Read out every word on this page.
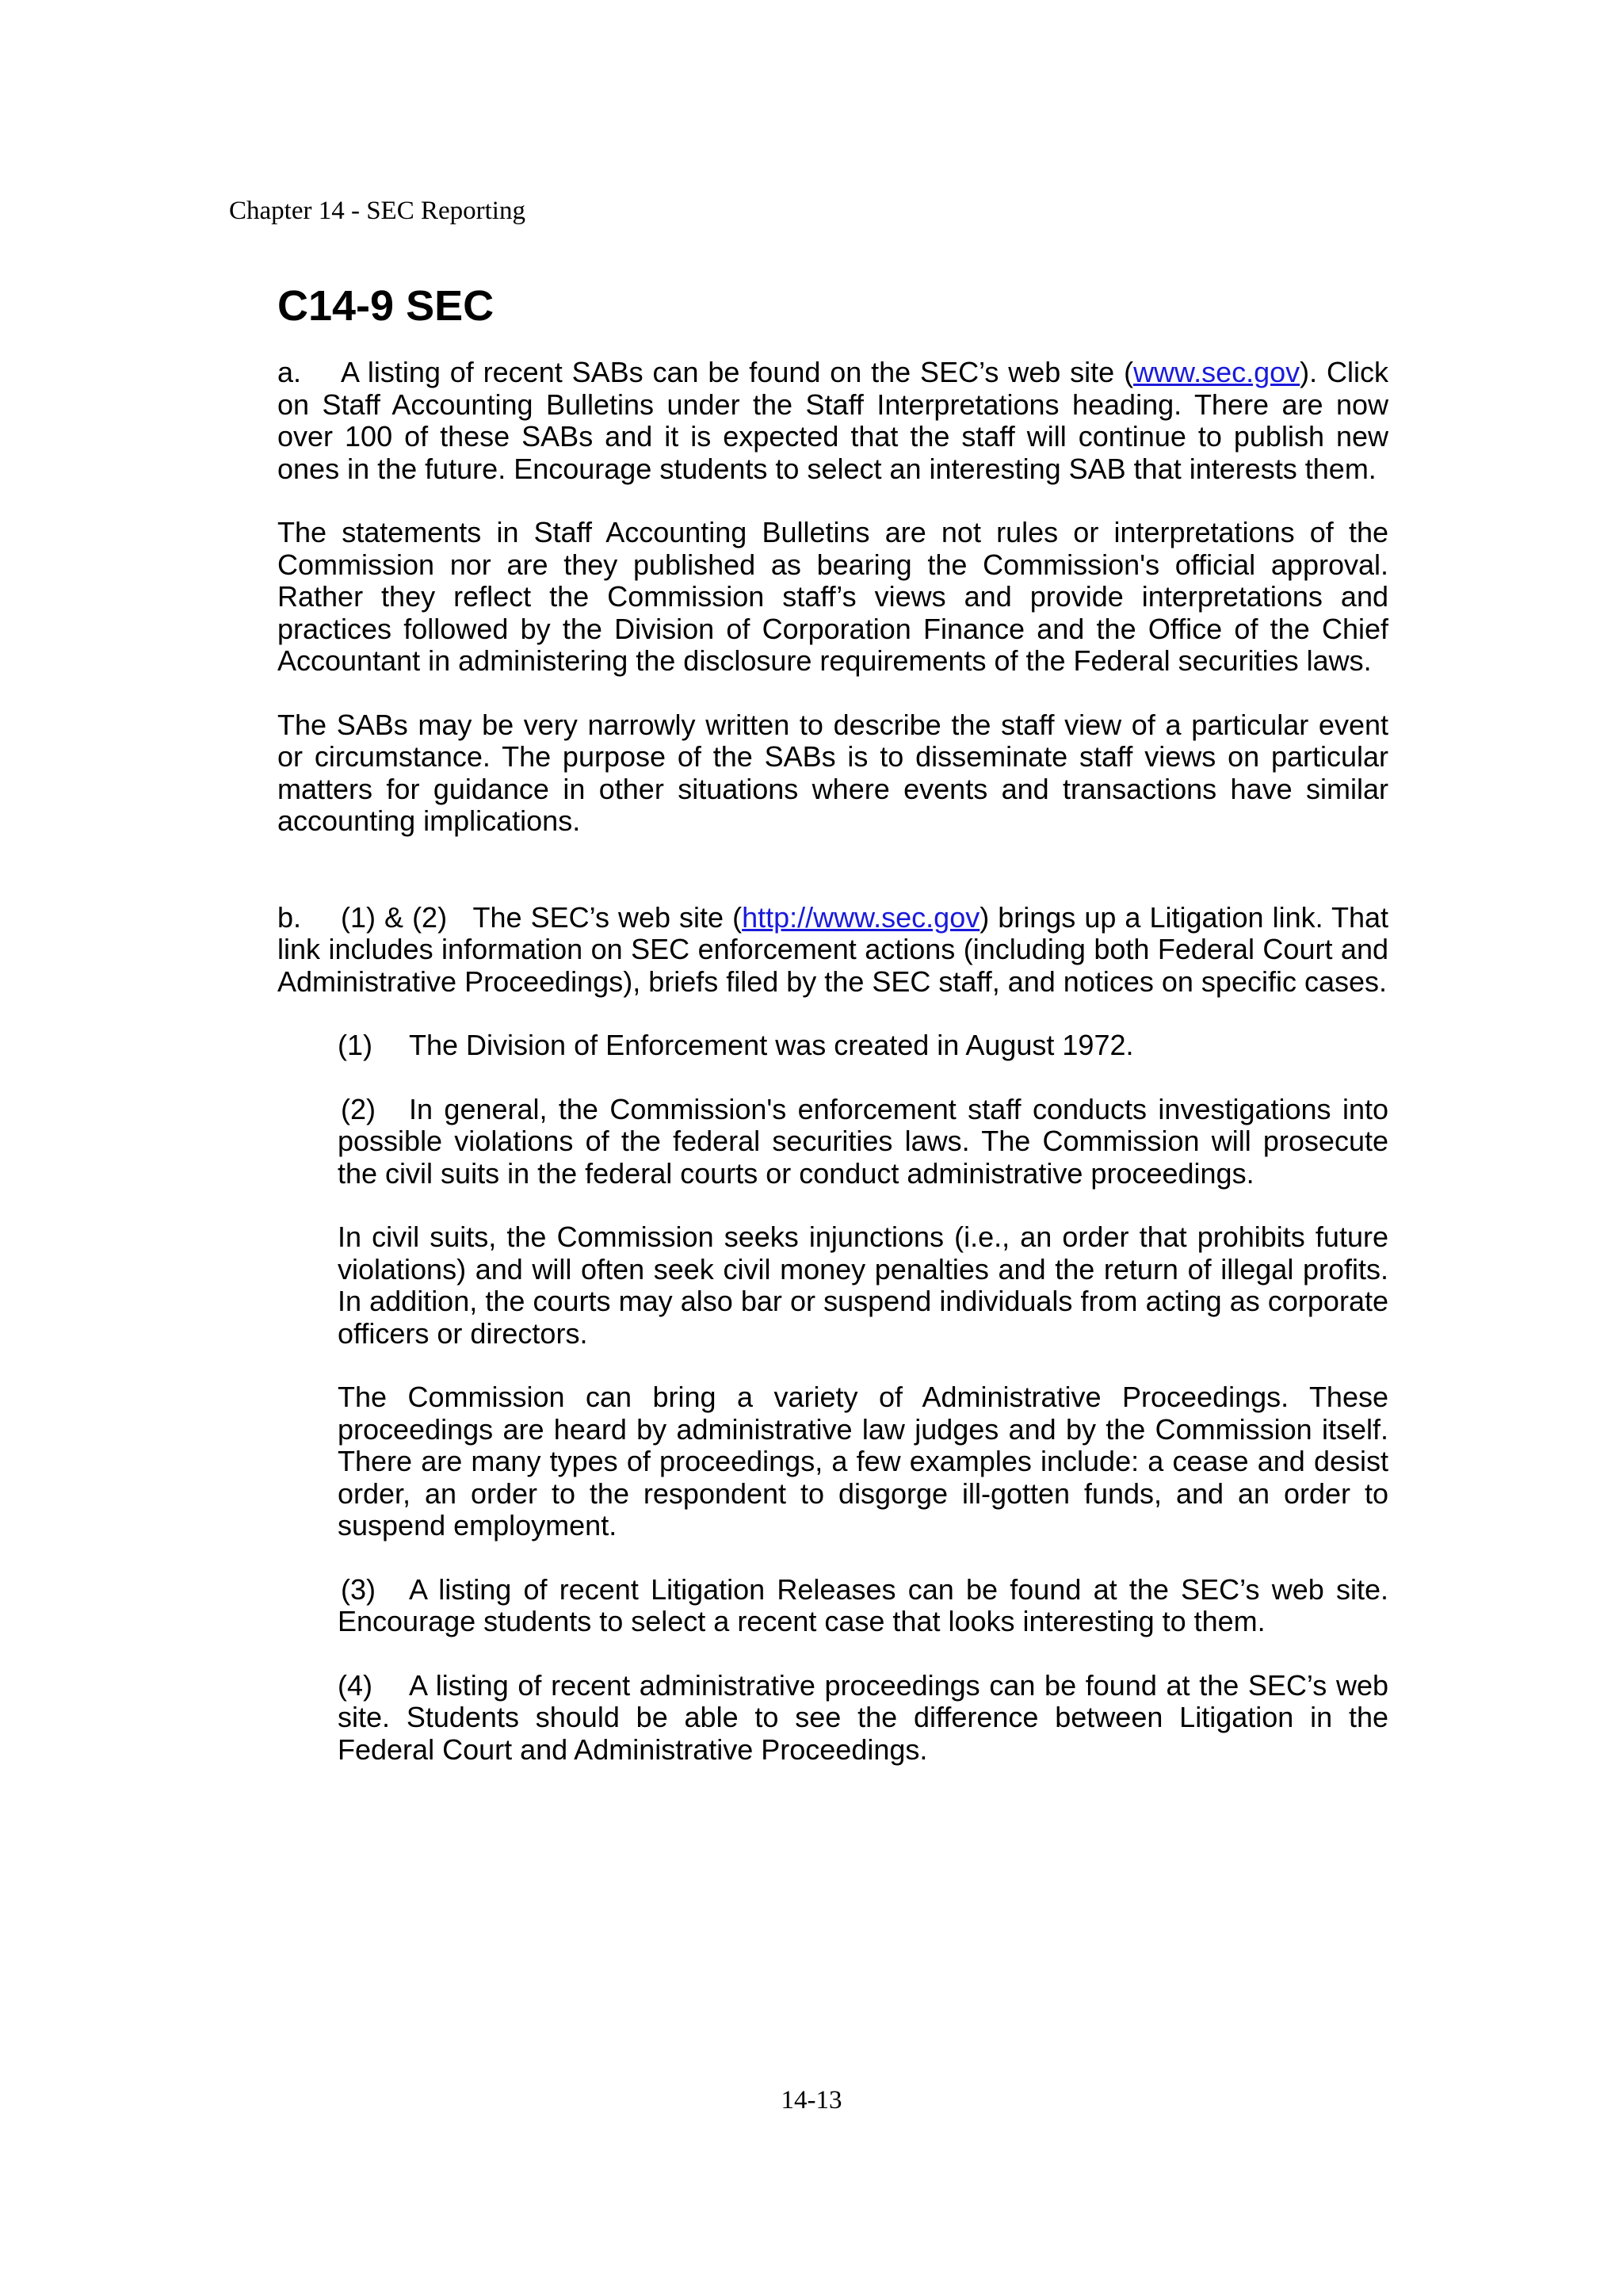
Chapter 14 - SEC Reporting
C14-9 SEC

a. A listing of recent SABs can be found on the SEC’s web site (www.sec.gov). Click on Staff Accounting Bulletins under the Staff Interpretations heading. There are now over 100 of these SABs and it is expected that the staff will continue to publish new ones in the future. Encourage students to select an interesting SAB that interests them.

The statements in Staff Accounting Bulletins are not rules or interpretations of the Commission nor are they published as bearing the Commission's official approval. Rather they reflect the Commission staff’s views and provide interpretations and practices followed by the Division of Corporation Finance and the Office of the Chief Accountant in administering the disclosure requirements of the Federal securities laws.

The SABs may be very narrowly written to describe the staff view of a particular event or circumstance. The purpose of the SABs is to disseminate staff views on particular matters for guidance in other situations where events and transactions have similar accounting implications.

b. (1) & (2) The SEC’s web site (http://www.sec.gov) brings up a Litigation link. That link includes information on SEC enforcement actions (including both Federal Court and Administrative Proceedings), briefs filed by the SEC staff, and notices on specific cases.

(1) The Division of Enforcement was created in August 1972.

(2) In general, the Commission's enforcement staff conducts investigations into possible violations of the federal securities laws. The Commission will prosecute the civil suits in the federal courts or conduct administrative proceedings.

In civil suits, the Commission seeks injunctions (i.e., an order that prohibits future violations) and will often seek civil money penalties and the return of illegal profits. In addition, the courts may also bar or suspend individuals from acting as corporate officers or directors.

The Commission can bring a variety of Administrative Proceedings. These proceedings are heard by administrative law judges and by the Commission itself. There are many types of proceedings, a few examples include: a cease and desist order, an order to the respondent to disgorge ill-gotten funds, and an order to suspend employment.

(3) A listing of recent Litigation Releases can be found at the SEC’s web site. Encourage students to select a recent case that looks interesting to them.

(4) A listing of recent administrative proceedings can be found at the SEC’s web site. Students should be able to see the difference between Litigation in the Federal Court and Administrative Proceedings.

14-13
